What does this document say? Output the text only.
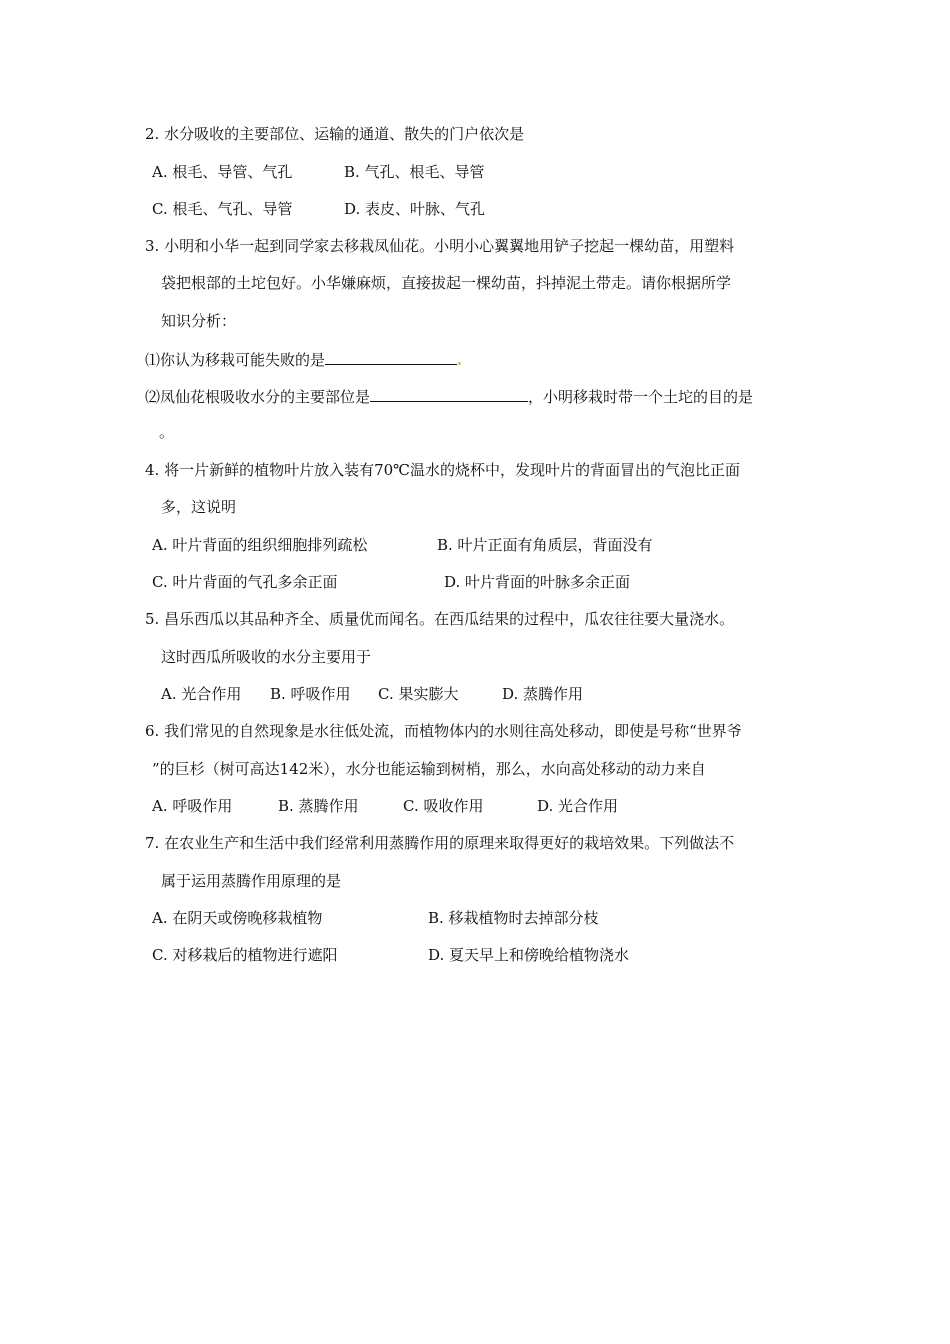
2. 水分吸收的主要部位、运输的通道、散失的门户依次是
A. 根毛、导管、气孔	B. 气孔、根毛、导管
C. 根毛、气孔、导管	D. 表皮、叶脉、气孔
3. 小明和小华一起到同学家去移栽凤仙花。小明小心翼翼地用铲子挖起一棵幼苗，用塑料
袋把根部的土坨包好。小华嫌麻烦，直接拔起一棵幼苗，抖掉泥土带走。请你根据所学
知识分析：
⑴你认为移栽可能失败的是
⑵凤仙花根吸收水分的主要部位是	，小明移栽时带一个土坨的目的是
。
4. 将一片新鲜的植物叶片放入装有70℃温水的烧杯中，发现叶片的背面冒出的气泡比正面
多，这说明
A. 叶片背面的组织细胞排列疏松	B. 叶片正面有角质层，背面没有
C. 叶片背面的气孔多余正面	D. 叶片背面的叶脉多余正面
5. 昌乐西瓜以其品种齐全、质量优而闻名。在西瓜结果的过程中，瓜农往往要大量浇水。
这时西瓜所吸收的水分主要用于
A. 光合作用 B. 呼吸作用 C. 果实膨大	D. 蒸腾作用
6. 我们常见的自然现象是水往低处流，而植物体内的水则往高处移动，即使是号称“世界爷
”的巨杉（树可高达142米），水分也能运输到树梢，那么，水向高处移动的动力来自
A. 呼吸作用	B. 蒸腾作用	C. 吸收作用	D. 光合作用
7. 在农业生产和生活中我们经常利用蒸腾作用的原理来取得更好的栽培效果。下列做法不
属于运用蒸腾作用原理的是
A. 在阴天或傍晚移栽植物	B. 移栽植物时去掉部分枝
C. 对移栽后的植物进行遮阳	D. 夏天早上和傍晚给植物浇水
